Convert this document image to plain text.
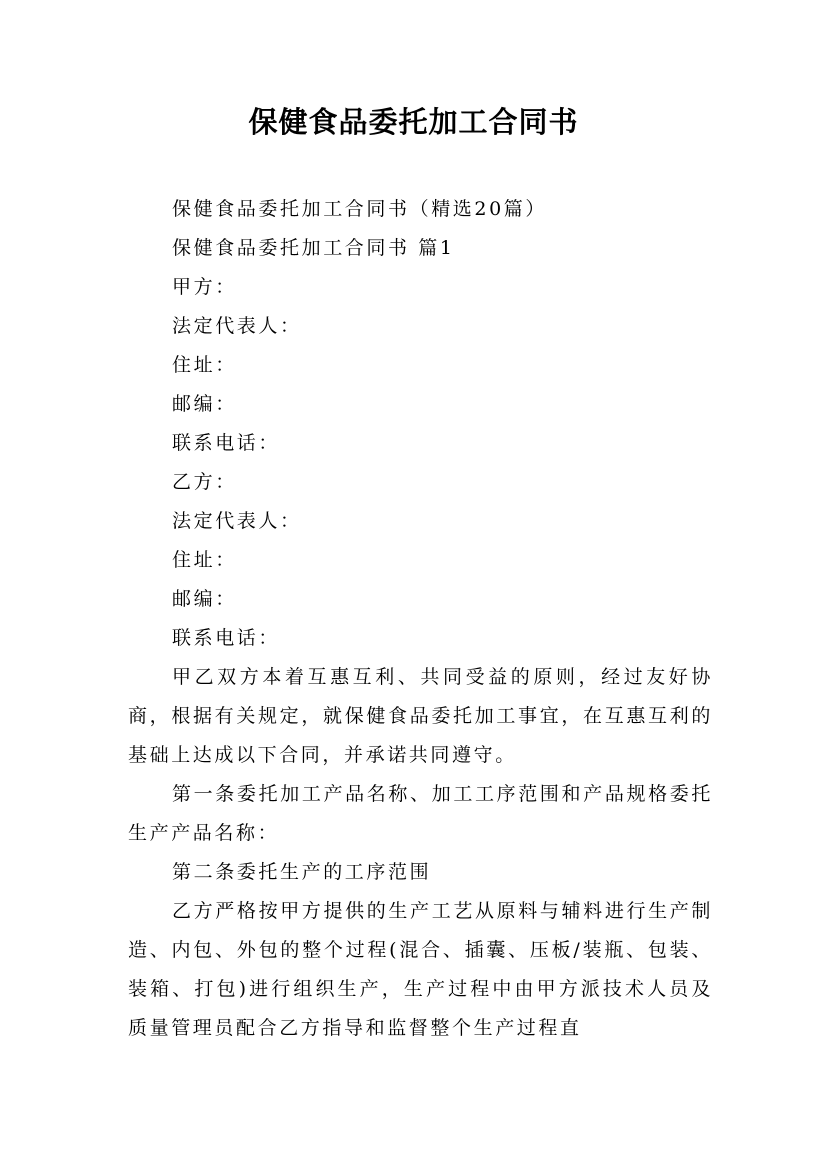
保健食品委托加工合同书

保健食品委托加工合同书（精选20篇）

保健食品委托加工合同书 篇1

甲方：

法定代表人：

住址：

邮编：

联系电话：

乙方：

法定代表人：

住址：

邮编：

联系电话：

甲乙双方本着互惠互利、共同受益的原则，经过友好协商，根据有关规定，就保健食品委托加工事宜，在互惠互利的基础上达成以下合同，并承诺共同遵守。

第一条委托加工产品名称、加工工序范围和产品规格委托生产产品名称：

第二条委托生产的工序范围

乙方严格按甲方提供的生产工艺从原料与辅料进行生产制造、内包、外包的整个过程(混合、插囊、压板/装瓶、包装、装箱、打包)进行组织生产，生产过程中由甲方派技术人员及质量管理员配合乙方指导和监督整个生产过程直
